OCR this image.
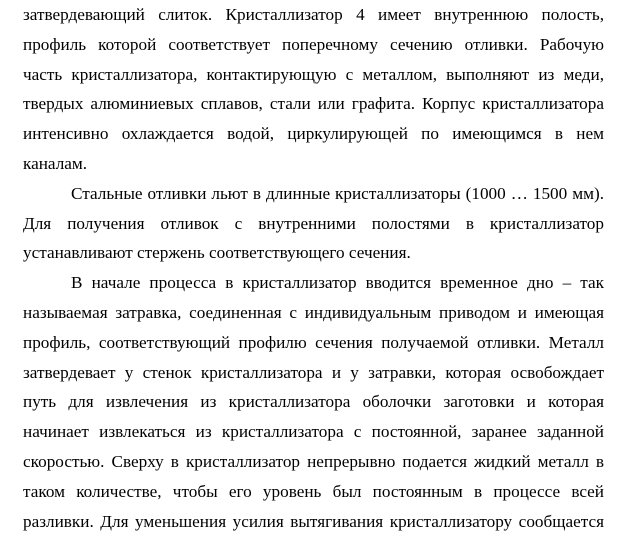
затвердевающий слиток. Кристаллизатор 4 имеет внутреннюю полость,

профиль которой соответствует поперечному сечению отливки. Рабочую

часть кристаллизатора, контактирующую с металлом, выполняют из меди,

твердых алюминиевых сплавов, стали или графита. Корпус кристаллизатора

интенсивно охлаждается водой, циркулирующей по имеющимся в нем

каналам.

Стальные отливки льют в длинные кристаллизаторы (1000 … 1500 мм).

Для получения отливок с внутренними полостями в кристаллизатор

устанавливают стержень соответствующего сечения.

В начале процесса в кристаллизатор вводится временное дно – так

называемая затравка, соединенная с индивидуальным приводом и имеющая

профиль, соответствующий профилю сечения получаемой отливки. Металл

затвердевает у стенок кристаллизатора и у затравки, которая освобождает

путь для извлечения из кристаллизатора оболочки заготовки и которая

начинает извлекаться из кристаллизатора с постоянной, заранее заданной

скоростью. Сверху в кристаллизатор непрерывно подается жидкий металл в

таком количестве, чтобы его уровень был постоянным в процессе всей

разливки. Для уменьшения усилия вытягивания кристаллизатору сообщается
